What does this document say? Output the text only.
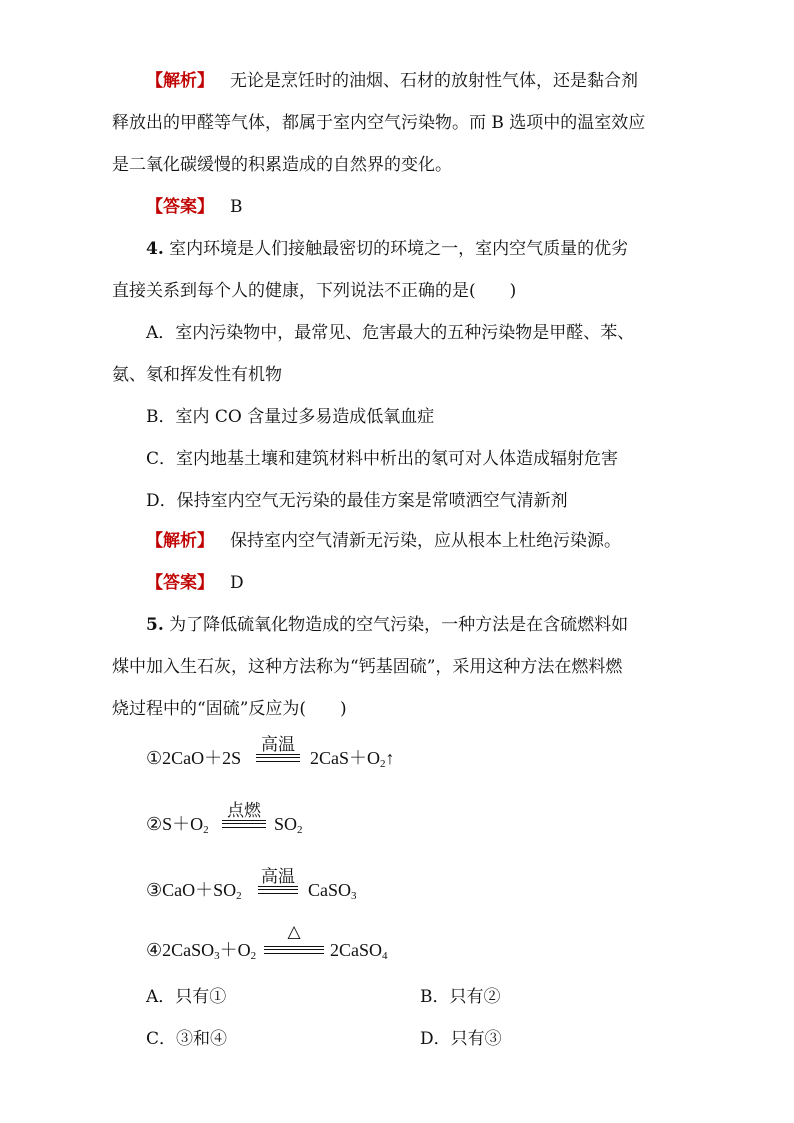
【解析】 无论是烹饪时的油烟、石材的放射性气体，还是黏合剂
释放出的甲醛等气体，都属于室内空气污染物。而 B 选项中的温室效应
是二氧化碳缓慢的积累造成的自然界的变化。
【答案】 B
4. 室内环境是人们接触最密切的环境之一，室内空气质量的优劣
直接关系到每个人的健康，下列说法不正确的是(　　)
A．室内污染物中，最常见、危害最大的五种污染物是甲醛、苯、
氨、氡和挥发性有机物
B．室内 CO 含量过多易造成低氧血症
C．室内地基土壤和建筑材料中析出的氡可对人体造成辐射危害
D．保持室内空气无污染的最佳方案是常喷洒空气清新剂
【解析】 保持室内空气清新无污染，应从根本上杜绝污染源。
【答案】 D
5. 为了降低硫氧化物造成的空气污染，一种方法是在含硫燃料如
煤中加入生石灰，这种方法称为“钙基固硫”，采用这种方法在燃料燃
烧过程中的“固硫”反应为(　　)
①2CaO＋2S
高温
$2CaS+O_2↑$
$②S+O_2$
点燃
$SO_2$
$③CaO+SO_2$
高温
CaSO$_3$
$④2CaSO_3+O_2$
△
2CaSO$_4$
A．只有①	B．只有②
C．③和④	D．只有③
